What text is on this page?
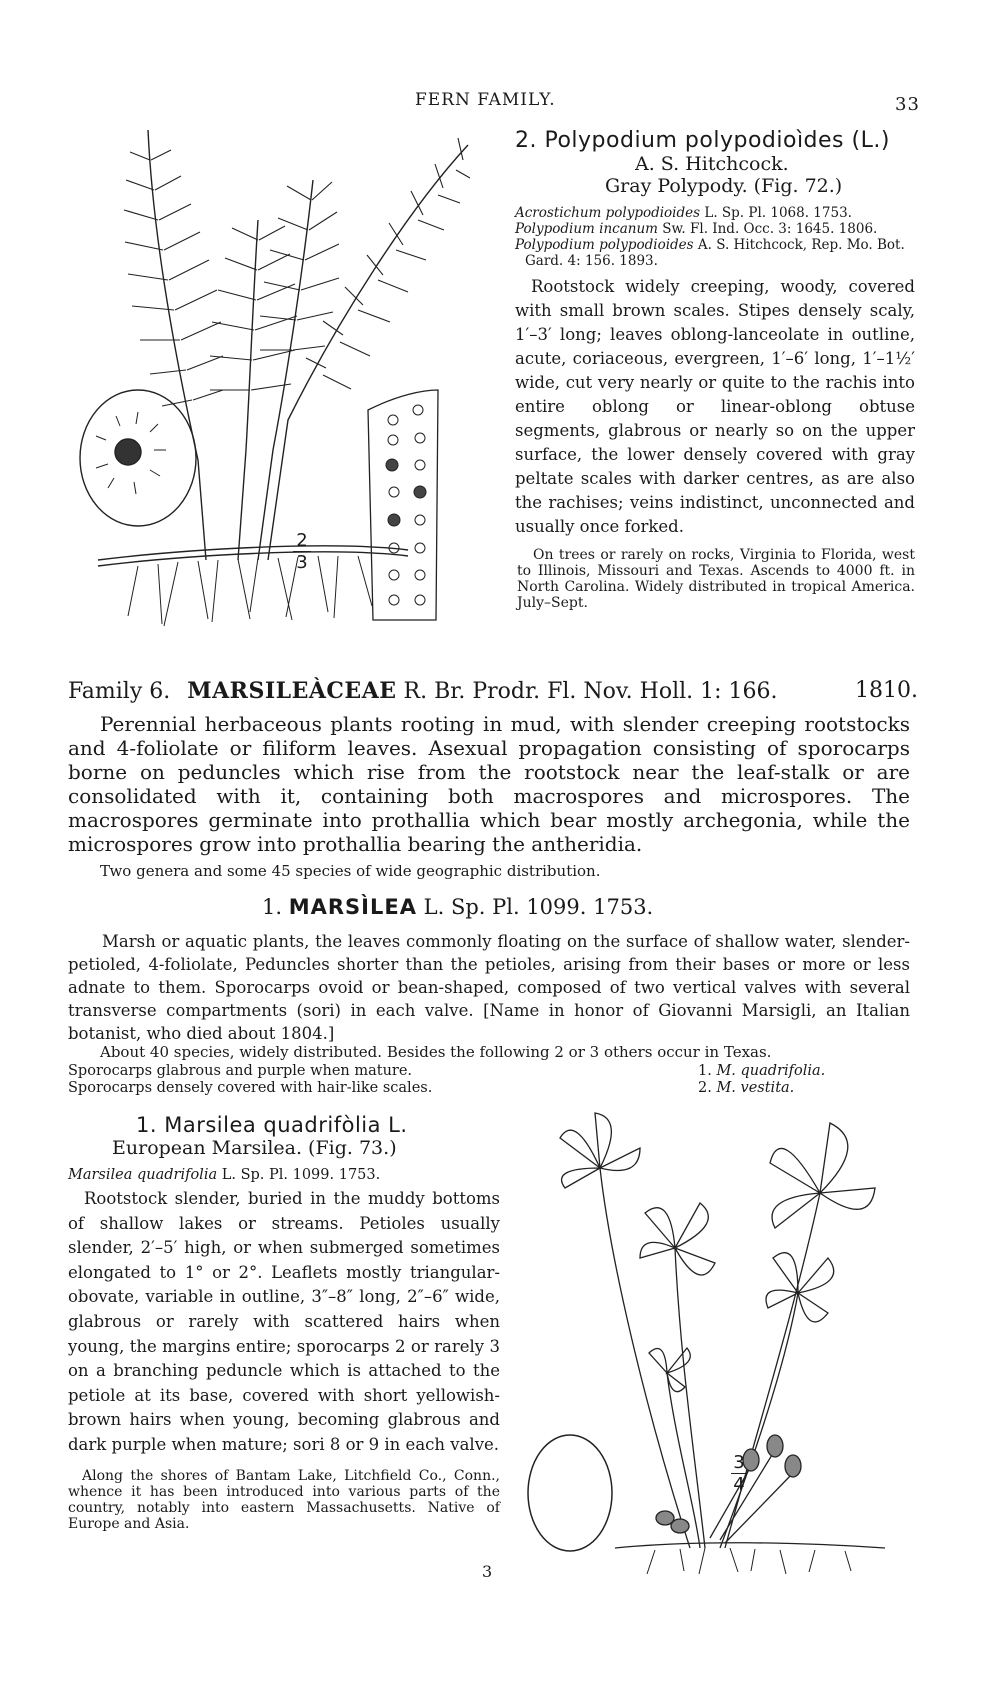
FERN FAMILY.	33
2
3
2. Polypodium polypodioìdes (L.)
A. S. Hitchcock.
Gray Polypody. (Fig. 72.)
Acrostichum polypodioides L. Sp. Pl. 1068. 1753.
Polypodium incanum Sw. Fl. Ind. Occ. 3: 1645. 1806.
Polypodium polypodioides A. S. Hitchcock, Rep. Mo. Bot. Gard. 4: 156. 1893.
Rootstock widely creeping, woody, covered with small brown scales. Stipes densely scaly, 1′–3′ long; leaves oblong-lanceolate in outline, acute, coriaceous, evergreen, 1′–6′ long, 1′–1½′ wide, cut very nearly or quite to the rachis into entire oblong or linear-oblong obtuse segments, glabrous or nearly so on the upper surface, the lower densely covered with gray peltate scales with darker centres, as are also the rachises; veins indistinct, unconnected and usually once forked.
On trees or rarely on rocks, Virginia to Florida, west to Illinois, Missouri and Texas. Ascends to 4000 ft. in North Carolina. Widely distributed in tropical America. July–Sept.
Family 6. MARSILEÀCEAE R. Br. Prodr. Fl. Nov. Holl. 1: 166.	1810.
Perennial herbaceous plants rooting in mud, with slender creeping rootstocks and 4-foliolate or filiform leaves. Asexual propagation consisting of sporocarps borne on peduncles which rise from the rootstock near the leaf-stalk or are consolidated with it, containing both macrospores and microspores. The macrospores germinate into prothallia which bear mostly archegonia, while the microspores grow into prothallia bearing the antheridia.
Two genera and some 45 species of wide geographic distribution.
1. MARSÌLEA L. Sp. Pl. 1099. 1753.
Marsh or aquatic plants, the leaves commonly floating on the surface of shallow water, slender-petioled, 4-foliolate, Peduncles shorter than the petioles, arising from their bases or more or less adnate to them. Sporocarps ovoid or bean-shaped, composed of two vertical valves with several transverse compartments (sori) in each valve. [Name in honor of Giovanni Marsigli, an Italian botanist, who died about 1804.]
About 40 species, widely distributed. Besides the following 2 or 3 others occur in Texas.
Sporocarps glabrous and purple when mature.	1. M. quadrifolia.
Sporocarps densely covered with hair-like scales.	2. M. vestita.
1. Marsilea quadrifòlia L.
European Marsilea. (Fig. 73.)
Marsilea quadrifolia L. Sp. Pl. 1099. 1753.
Rootstock slender, buried in the muddy bottoms of shallow lakes or streams. Petioles usually slender, 2′–5′ high, or when submerged sometimes elongated to 1° or 2°. Leaflets mostly triangular-obovate, variable in outline, 3″–8″ long, 2″–6″ wide, glabrous or rarely with scattered hairs when young, the margins entire; sporocarps 2 or rarely 3 on a branching peduncle which is attached to the petiole at its base, covered with short yellowish-brown hairs when young, becoming glabrous and dark purple when mature; sori 8 or 9 in each valve.
Along the shores of Bantam Lake, Litchfield Co., Conn., whence it has been introduced into various parts of the country, notably into eastern Massachusetts. Native of Europe and Asia.
3
4
3
